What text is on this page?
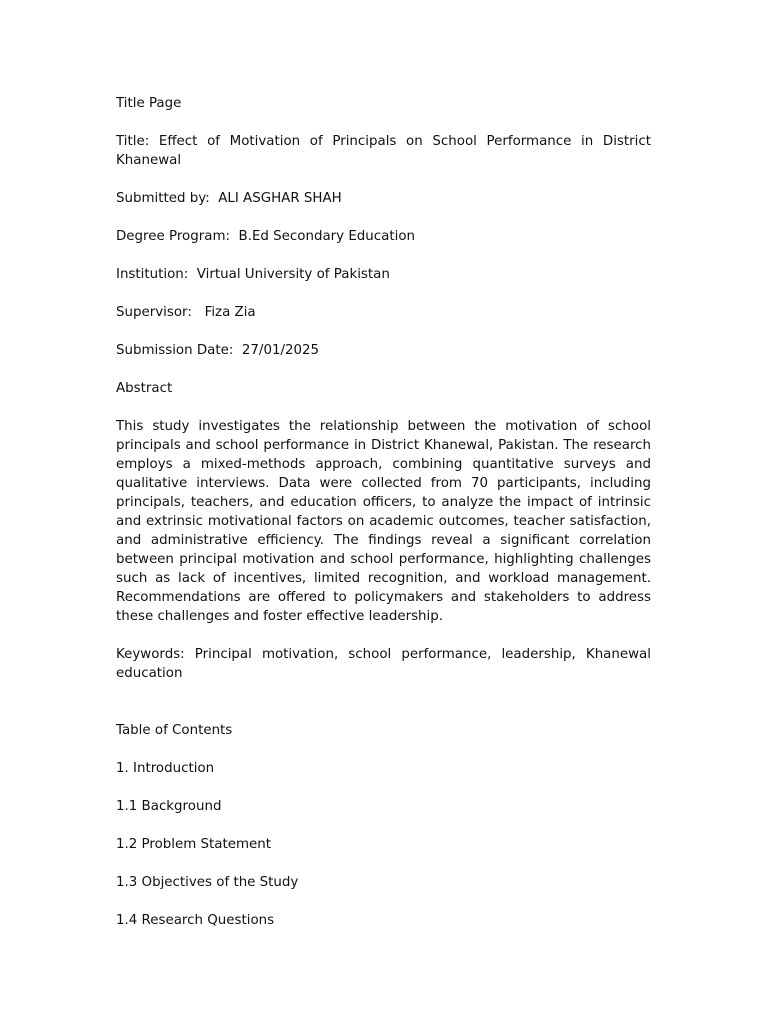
Title Page

Title: Effect of Motivation of Principals on School Performance in District Khanewal

Submitted by:  ALI ASGHAR SHAH

Degree Program:  B.Ed Secondary Education

Institution:  Virtual University of Pakistan

Supervisor:   Fiza Zia

Submission Date:  27/01/2025

Abstract

This study investigates the relationship between the motivation of school principals and school performance in District Khanewal, Pakistan. The research employs a mixed-methods approach, combining quantitative surveys and qualitative interviews. Data were collected from 70 participants, including principals, teachers, and education officers, to analyze the impact of intrinsic and extrinsic motivational factors on academic outcomes, teacher satisfaction, and administrative efficiency. The findings reveal a significant correlation between principal motivation and school performance, highlighting challenges such as lack of incentives, limited recognition, and workload management. Recommendations are offered to policymakers and stakeholders to address these challenges and foster effective leadership.

Keywords: Principal motivation, school performance, leadership, Khanewal education

Table of Contents

1. Introduction

1.1 Background

1.2 Problem Statement

1.3 Objectives of the Study

1.4 Research Questions
